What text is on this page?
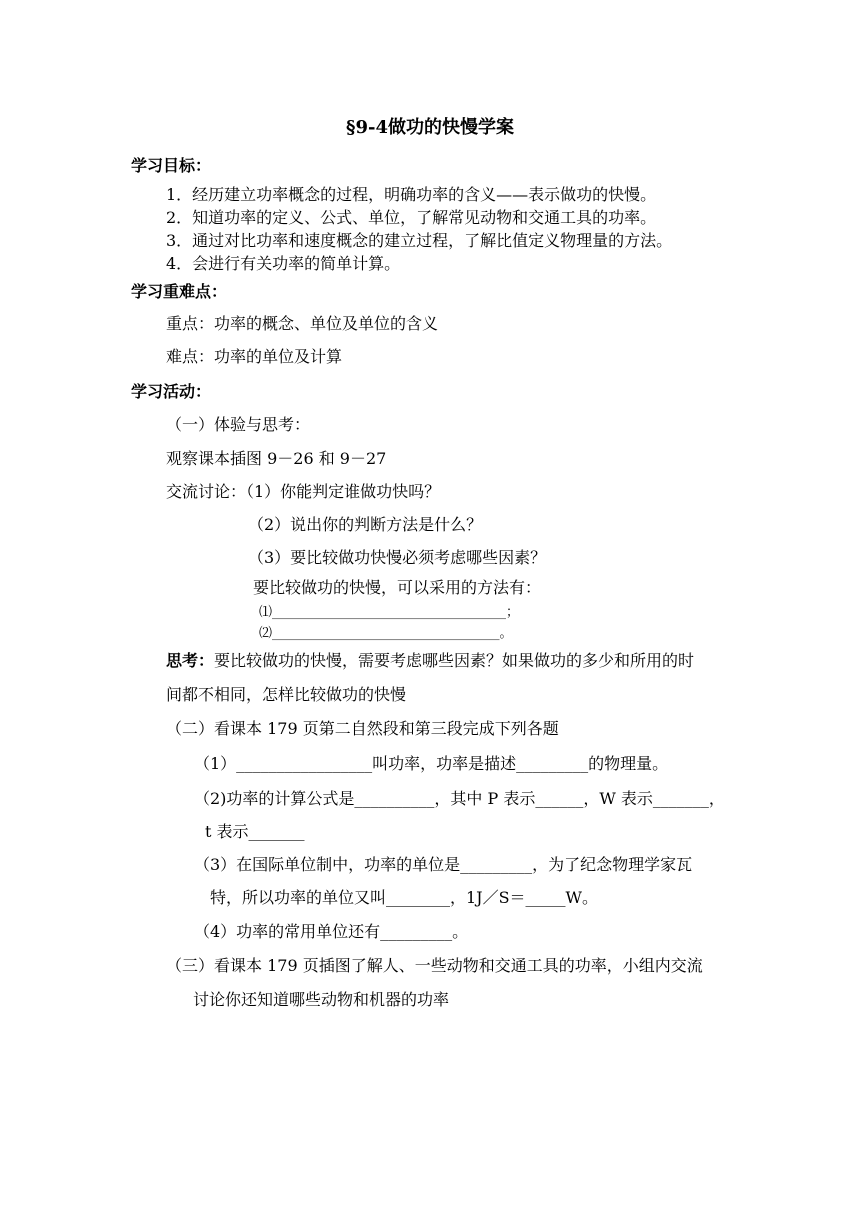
§9-4做功的快慢学案
学习目标：
1．经历建立功率概念的过程，明确功率的含义——表示做功的快慢。
2．知道功率的定义、公式、单位，了解常见动物和交通工具的功率。
3．通过对比功率和速度概念的建立过程，了解比值定义物理量的方法。
4．会进行有关功率的简单计算。
学习重难点：
重点：功率的概念、单位及单位的含义
难点：功率的单位及计算
学习活动：
（一）体验与思考：
观察课本插图 9－26 和 9－27
交流讨论：（1）你能判定谁做功快吗？
（2）说出你的判断方法是什么？
（3）要比较做功快慢必须考虑哪些因素？
要比较做功的快慢，可以采用的方法有：
⑴____________________________________；
⑵___________________________________。
思考：要比较做功的快慢，需要考虑哪些因素？如果做功的多少和所用的时
间都不相同，怎样比较做功的快慢
（二）看课本 179 页第二自然段和第三段完成下列各题
（1）_________________叫功率，功率是描述_________的物理量。
（2)功率的计算公式是__________，其中 P 表示______，W 表示_______，
t 表示_______
（3）在国际单位制中，功率的单位是_________，为了纪念物理学家瓦
特，所以功率的单位又叫________，1J／S＝_____W。
（4）功率的常用单位还有_________。
（三）看课本 179 页插图了解人、一些动物和交通工具的功率，小组内交流
讨论你还知道哪些动物和机器的功率
